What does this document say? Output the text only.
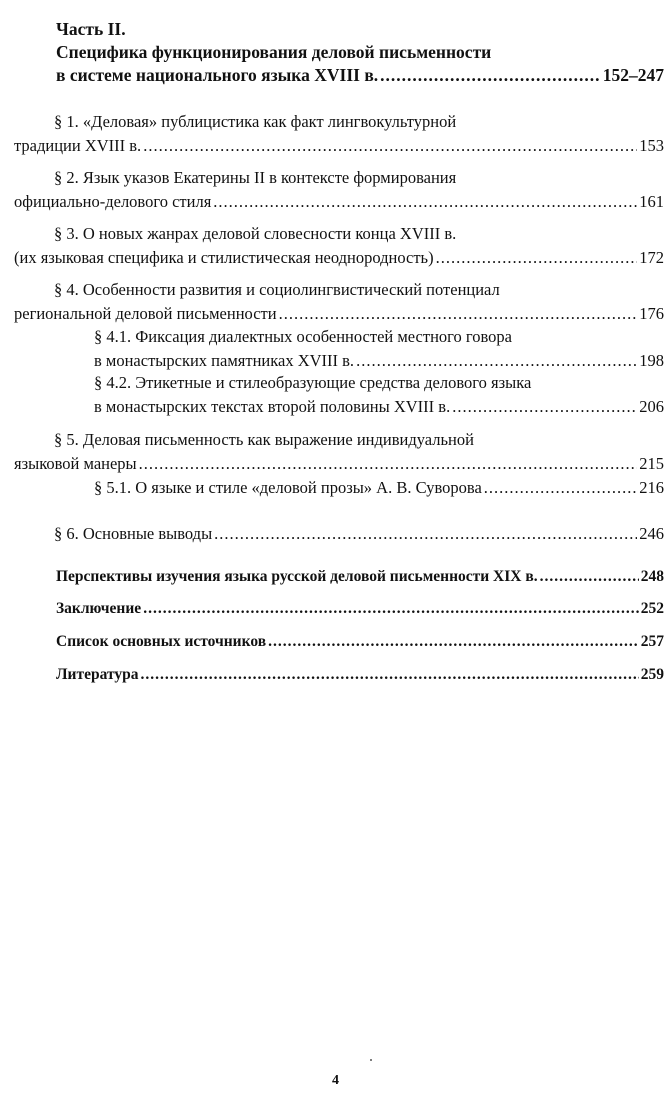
Часть II.
Специфика функционирования деловой письменности
в системе национального языка XVIII в. .....	152–247
§ 1. «Деловая» публицистика как факт лингвокультурной
традиции XVIII в. .....	153
§ 2. Язык указов Екатерины II в контексте формирования
официально-делового стиля .....	161
§ 3. О новых жанрах деловой словесности конца XVIII в.
(их языковая специфика и стилистическая неоднородность) .....	172
§ 4. Особенности развития и социолингвистический потенциал
региональной деловой письменности .....	176
§ 4.1. Фиксация диалектных особенностей местного говора
в монастырских памятниках XVIII в. .....	198
§ 4.2. Этикетные и стилеобразующие средства делового языка
в монастырских текстах второй половины XVIII в. .....	206
§ 5. Деловая письменность как выражение индивидуальной
языковой манеры .....	215
§ 5.1. О языке и стиле «деловой прозы» А. В. Суворова .....	216
§ 6. Основные выводы .....	246
Перспективы изучения языка русской деловой письменности XIX в. .....	248
Заключение .....	252
Список основных источников .....	257
Литература .....	259
4
